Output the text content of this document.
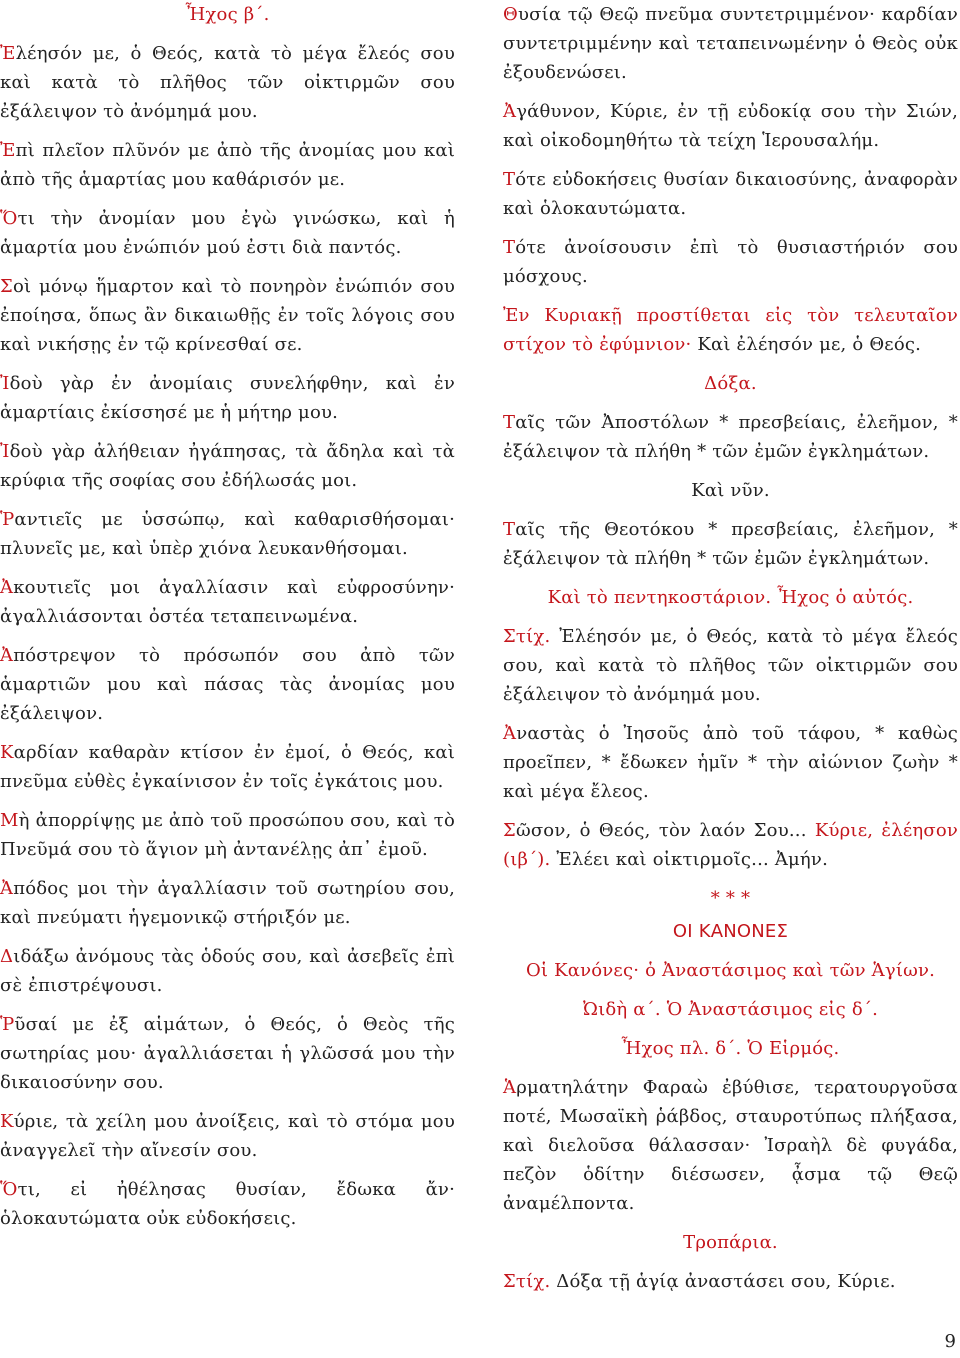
Ἦχος β΄.

Ἐλέησόν με, ὁ Θεός, κατὰ τὸ μέγα ἔλεός σου καὶ κατὰ τὸ πλῆθος τῶν οἰκτιρμῶν σου ἐξάλειψον τὸ ἀνόμημά μου.

Ἐπὶ πλεῖον πλῦνόν με ἀπὸ τῆς ἀνομίας μου καὶ ἀπὸ τῆς ἁμαρτίας μου καθάρισόν με.

Ὅτι τὴν ἀνομίαν μου ἐγὼ γινώσκω, καὶ ἡ ἁμαρτία μου ἐνώπιόν μού ἐστι διὰ παντός.

Σοὶ μόνῳ ἥμαρτον καὶ τὸ πονηρὸν ἐνώπιόν σου ἐποίησα, ὅπως ἂν δικαιωθῇς ἐν τοῖς λόγοις σου καὶ νικήσῃς ἐν τῷ κρίνεσθαί σε.

Ἰδοὺ γὰρ ἐν ἀνομίαις συνελήφθην, καὶ ἐν ἁμαρτίαις ἐκίσσησέ με ἡ μήτηρ μου.

Ἰδοὺ γὰρ ἀλήθειαν ἠγάπησας, τὰ ἄδηλα καὶ τὰ κρύφια τῆς σοφίας σου ἐδήλωσάς μοι.

Ῥαντιεῖς με ὑσσώπῳ, καὶ καθαρισθήσομαι· πλυνεῖς με, καὶ ὑπὲρ χιόνα λευκανθήσομαι.

Ἀκουτιεῖς μοι ἀγαλλίασιν καὶ εὐφροσύνην· ἀγαλλιάσονται ὀστέα τεταπεινωμένα.

Ἀπόστρεψον τὸ πρόσωπόν σου ἀπὸ τῶν ἁμαρτιῶν μου καὶ πάσας τὰς ἀνομίας μου ἐξάλειψον.

Καρδίαν καθαρὰν κτίσον ἐν ἐμοί, ὁ Θεός, καὶ πνεῦμα εὐθὲς ἐγκαίνισον ἐν τοῖς ἐγκάτοις μου.

Μὴ ἀπορρίψῃς με ἀπὸ τοῦ προσώπου σου, καὶ τὸ Πνεῦμά σου τὸ ἅγιον μὴ ἀντανέλῃς ἀπ᾿ ἐμοῦ.

Ἀπόδος μοι τὴν ἀγαλλίασιν τοῦ σωτηρίου σου, καὶ πνεύματι ἡγεμονικῷ στήριξόν με.

Διδάξω ἀνόμους τὰς ὁδούς σου, καὶ ἀσεβεῖς ἐπὶ σὲ ἐπιστρέψουσι.

Ῥῦσαί με ἐξ αἱμάτων, ὁ Θεός, ὁ Θεὸς τῆς σωτηρίας μου· ἀγαλλιάσεται ἡ γλῶσσά μου τὴν δικαιοσύνην σου.

Κύριε, τὰ χείλη μου ἀνοίξεις, καὶ τὸ στόμα μου ἀναγγελεῖ τὴν αἴνεσίν σου.

Ὅτι, εἰ ἠθέλησας θυσίαν, ἔδωκα ἄν· ὁλοκαυτώματα οὐκ εὐδοκήσεις.

Θυσία τῷ Θεῷ πνεῦμα συντετριμμένον· καρδίαν συντετριμμένην καὶ τεταπεινωμένην ὁ Θεὸς οὐκ ἐξουδενώσει.

Ἀγάθυνον, Κύριε, ἐν τῇ εὐδοκίᾳ σου τὴν Σιών, καὶ οἰκοδομηθήτω τὰ τείχη Ἱερουσαλήμ.

Τότε εὐδοκήσεις θυσίαν δικαιοσύνης, ἀναφορὰν καὶ ὁλοκαυτώματα.

Τότε ἀνοίσουσιν ἐπὶ τὸ θυσιαστήριόν σου μόσχους.

Ἐν Κυριακῇ προστίθεται εἰς τὸν τελευταῖον στίχον τὸ ἐφύμνιον· Καὶ ἐλέησόν με, ὁ Θεός.

Δόξα.

Ταῖς τῶν Ἀποστόλων * πρεσβείαις, ἐλεῆμον, * ἐξάλειψον τὰ πλήθη * τῶν ἐμῶν ἐγκλημάτων.

Καὶ νῦν.

Ταῖς τῆς Θεοτόκου * πρεσβείαις, ἐλεῆμον, * ἐξάλειψον τὰ πλήθη * τῶν ἐμῶν ἐγκλημάτων.

Καὶ τὸ πεντηκοστάριον. Ἦχος ὁ αὐτός.

Στίχ. Ἐλέησόν με, ὁ Θεός, κατὰ τὸ μέγα ἔλεός σου, καὶ κατὰ τὸ πλῆθος τῶν οἰκτιρμῶν σου ἐξάλειψον τὸ ἀνόμημά μου.

Ἀναστὰς ὁ Ἰησοῦς ἀπὸ τοῦ τάφου, * καθὼς προεῖπεν, * ἔδωκεν ἡμῖν * τὴν αἰώνιον ζωὴν * καὶ μέγα ἔλεος.

Σῶσον, ὁ Θεός, τὸν λαόν Σου... Κύριε, ἐλέησον (ιβ΄). Ἐλέει καὶ οἰκτιρμοῖς... Ἀμήν.

* * *

ΟΙ ΚΑΝΟΝΕΣ

Οἱ Κανόνες· ὁ Ἀναστάσιμος καὶ τῶν Ἁγίων.

Ὠιδὴ α΄. Ὁ Ἀναστάσιμος εἰς δ΄.

Ἦχος πλ. δ΄. Ὁ Εἱρμός.

Ἁρματηλάτην Φαραὼ ἐβύθισε, τερατουργοῦσα ποτέ, Μωσαϊκὴ ῥάβδος, σταυροτύπως πλήξασα, καὶ διελοῦσα θάλασσαν· Ἰσραὴλ δὲ φυγάδα, πεζὸν ὁδίτην διέσωσεν, ᾆσμα τῷ Θεῷ ἀναμέλποντα.

Τροπάρια.

Στίχ. Δόξα τῇ ἁγίᾳ ἀναστάσει σου, Κύριε.

9
